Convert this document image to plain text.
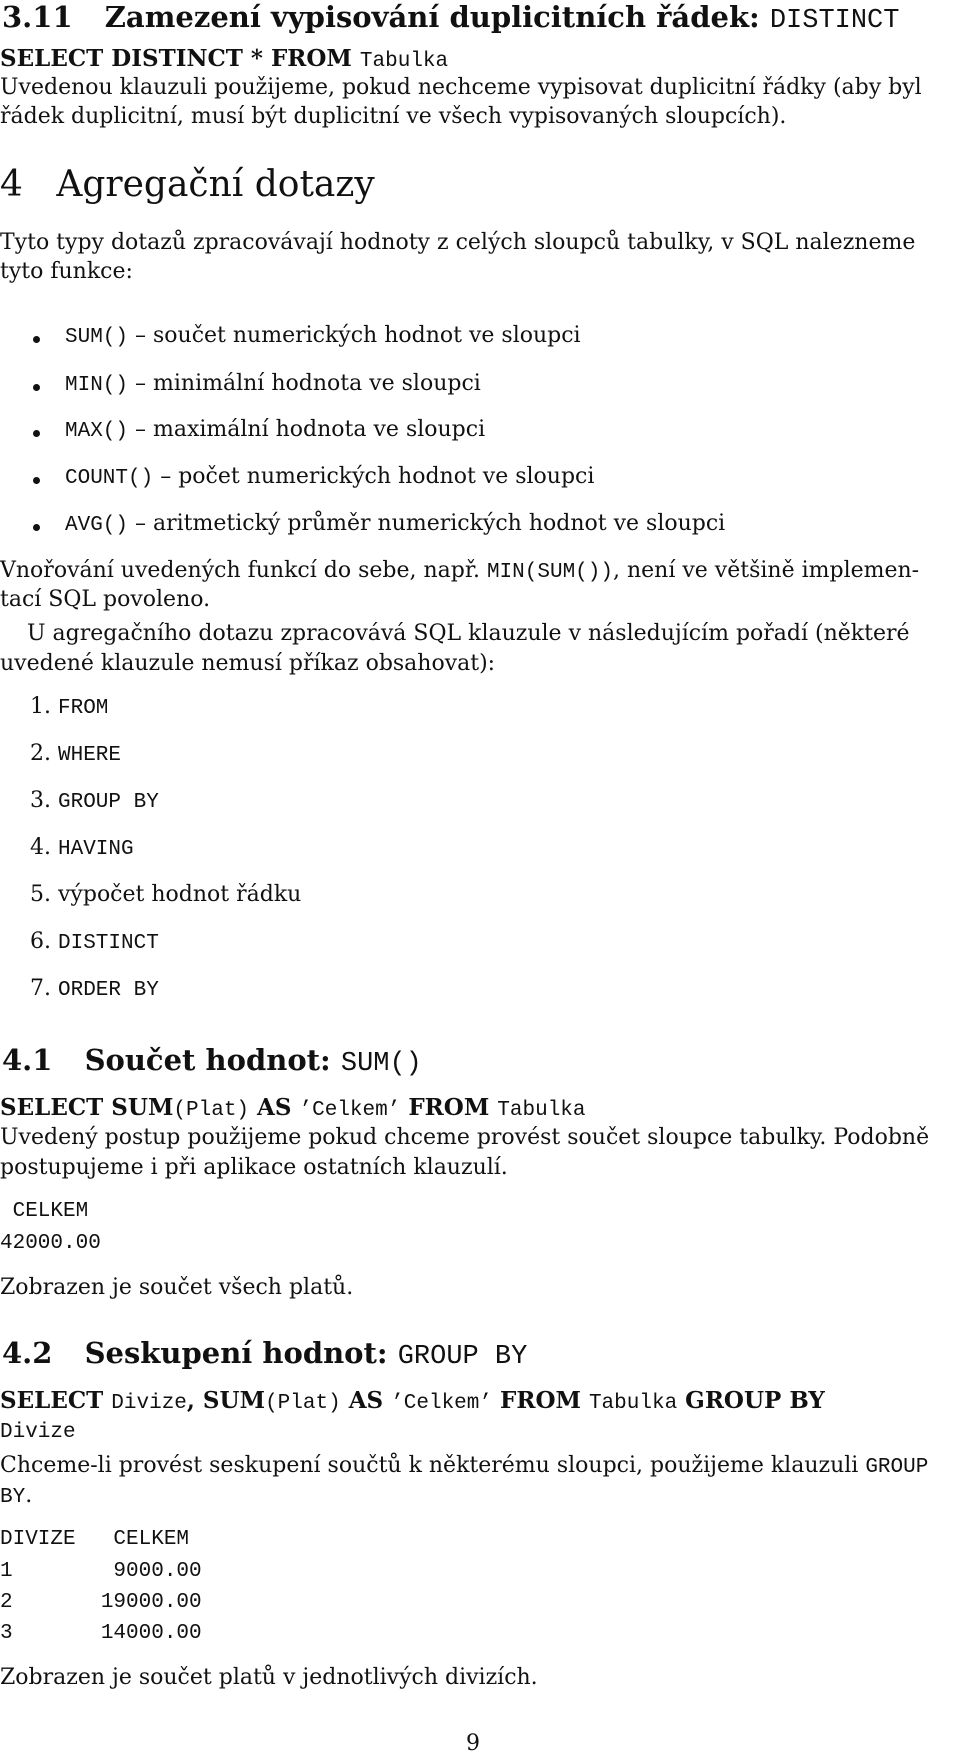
3.11 Zamezení vypisování duplicitních řádek: DISTINCT
SELECT DISTINCT * FROM Tabulka
Uvedenou klauzuli použijeme, pokud nechceme vypisovat duplicitní řádky (aby byl
řádek duplicitní, musí být duplicitní ve všech vypisovaných sloupcích).
4 Agregační dotazy
Tyto typy dotazů zpracovávají hodnoty z celých sloupců tabulky, v SQL nalezneme
tyto funkce:
SUM() – součet numerických hodnot ve sloupci
MIN() – minimální hodnota ve sloupci
MAX() – maximální hodnota ve sloupci
COUNT() – počet numerických hodnot ve sloupci
AVG() – aritmetický průměr numerických hodnot ve sloupci
Vnořování uvedených funkcí do sebe, např. MIN(SUM()), není ve většině implemen-
tací SQL povoleno.
U agregačního dotazu zpracovává SQL klauzule v následujícím pořadí (některé
uvedené klauzule nemusí příkaz obsahovat):
1. FROM
2. WHERE
3. GROUP BY
4. HAVING
5. výpočet hodnot řádku
6. DISTINCT
7. ORDER BY
4.1 Součet hodnot: SUM()
SELECT SUM(Plat) AS ’Celkem’ FROM Tabulka
Uvedený postup použijeme pokud chceme provést součet sloupce tabulky. Podobně
postupujeme i při aplikace ostatních klauzulí.
CELKEM
42000.00
Zobrazen je součet všech platů.
4.2 Seskupení hodnot: GROUP BY
SELECT Divize, SUM(Plat) AS ’Celkem’ FROM Tabulka GROUP BY
Divize
Chceme-li provést seskupení součtů k některému sloupci, použijeme klauzuli GROUP
BY.
DIVIZE   CELKEM
1        9000.00
2       19000.00
3       14000.00
Zobrazen je součet platů v jednotlivých divizích.
9
